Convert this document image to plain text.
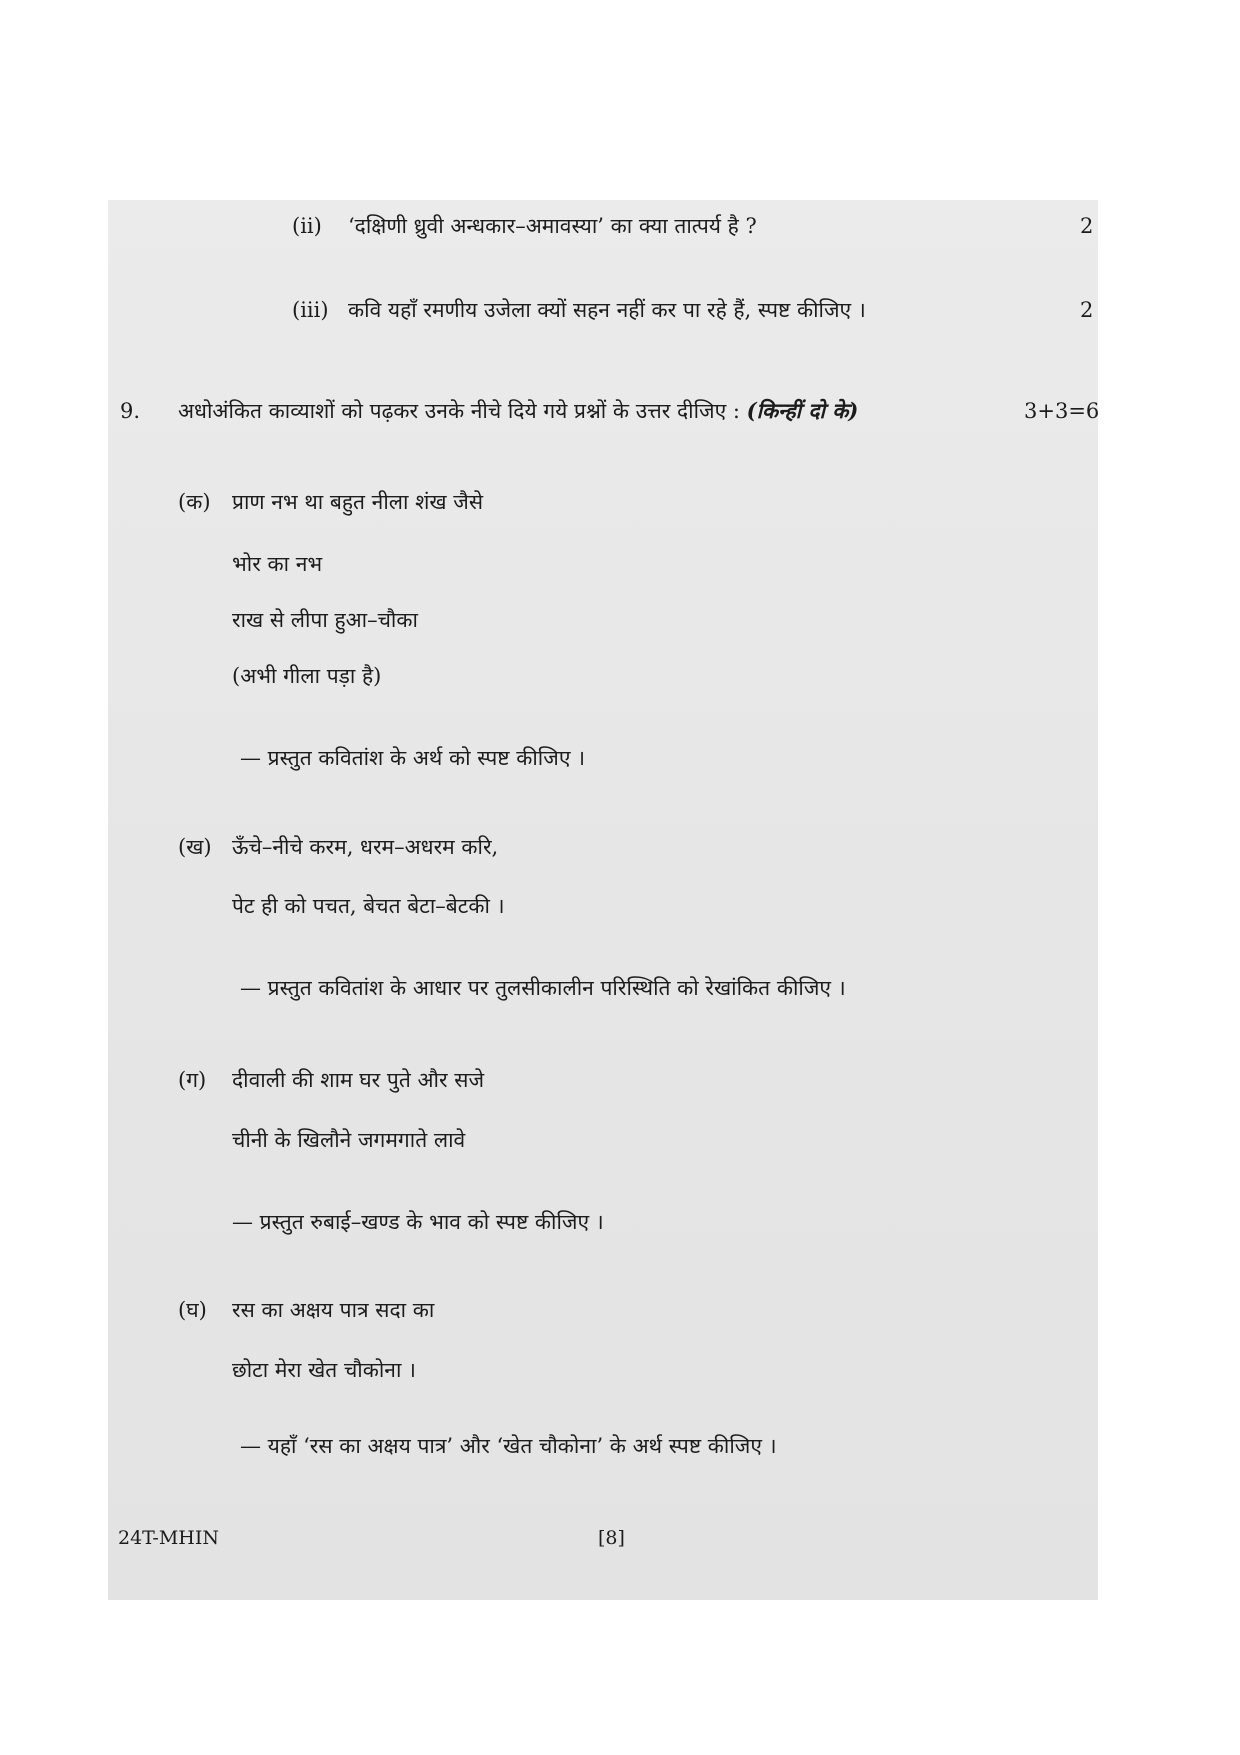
(ii) ‘दक्षिणी ध्रुवी अन्धकार–अमावस्या’ का क्या तात्पर्य है ?	2
(iii) कवि यहाँ रमणीय उजेला क्यों सहन नहीं कर पा रहे हैं, स्पष्ट कीजिए ।	2
9. अधोअंकित काव्याशों को पढ़कर उनके नीचे दिये गये प्रश्नों के उत्तर दीजिए : (किन्हीं दो के)	3+3=6
(क) प्राण नभ था बहुत नीला शंख जैसे
भोर का नभ
राख से लीपा हुआ–चौका
(अभी गीला पड़ा है)
— प्रस्तुत कवितांश के अर्थ को स्पष्ट कीजिए ।
(ख) ऊँचे–नीचे करम, धरम–अधरम करि,
पेट ही को पचत, बेचत बेटा–बेटकी ।
— प्रस्तुत कवितांश के आधार पर तुलसीकालीन परिस्थिति को रेखांकित कीजिए ।
(ग) दीवाली की शाम घर पुते और सजे
चीनी के खिलौने जगमगाते लावे
— प्रस्तुत रुबाई–खण्ड के भाव को स्पष्ट कीजिए ।
(घ) रस का अक्षय पात्र सदा का
छोटा मेरा खेत चौकोना ।
— यहाँ ‘रस का अक्षय पात्र’ और ‘खेत चौकोना’ के अर्थ स्पष्ट कीजिए ।
24T-MHIN	[8]
